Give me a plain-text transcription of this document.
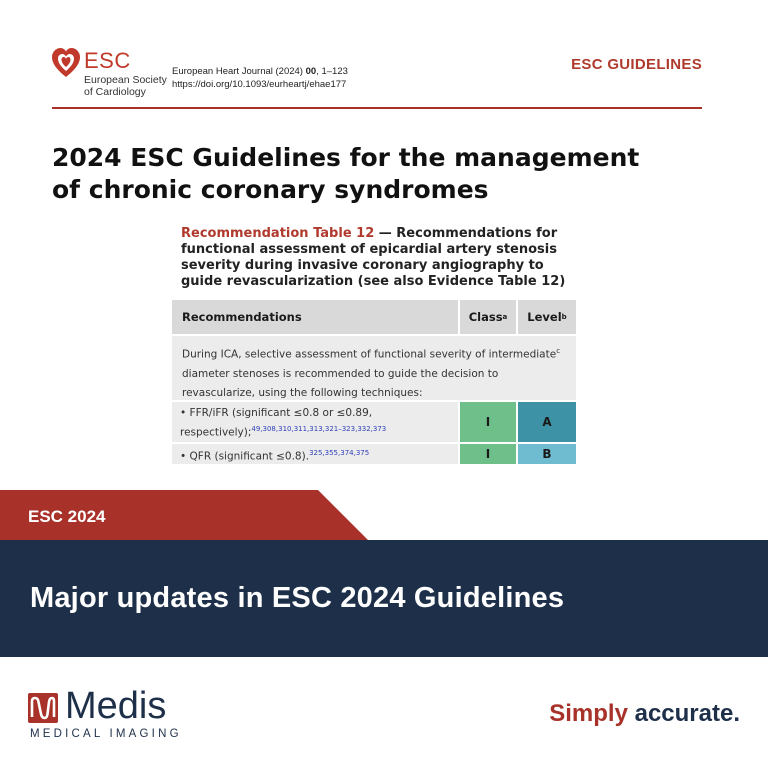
ESC
European Society
of Cardiology
European Heart Journal (2024) 00, 1–123
https://doi.org/10.1093/eurheartj/ehae177
ESC GUIDELINES
2024 ESC Guidelines for the management of chronic coronary syndromes
Recommendation Table 12 — Recommendations for functional assessment of epicardial artery stenosis severity during invasive coronary angiography to guide revascularization (see also Evidence Table 12)
Recommendations	Class a Level b
During ICA, selective assessment of functional severity of intermediate$^c$ diameter stenoses is recommended to guide the decision to revascularize, using the following techniques:
• FFR/iFR (significant ≤0.8 or ≤0.89, respectively);$^{49,308,310,311,313,321-323,332,373}$	I	A
• QFR (significant ≤0.8).$^{325,355,374,375}$	I	B
ESC 2024
Major updates in ESC 2024 Guidelines
Medis
MEDICAL IMAGING
Simply accurate.
